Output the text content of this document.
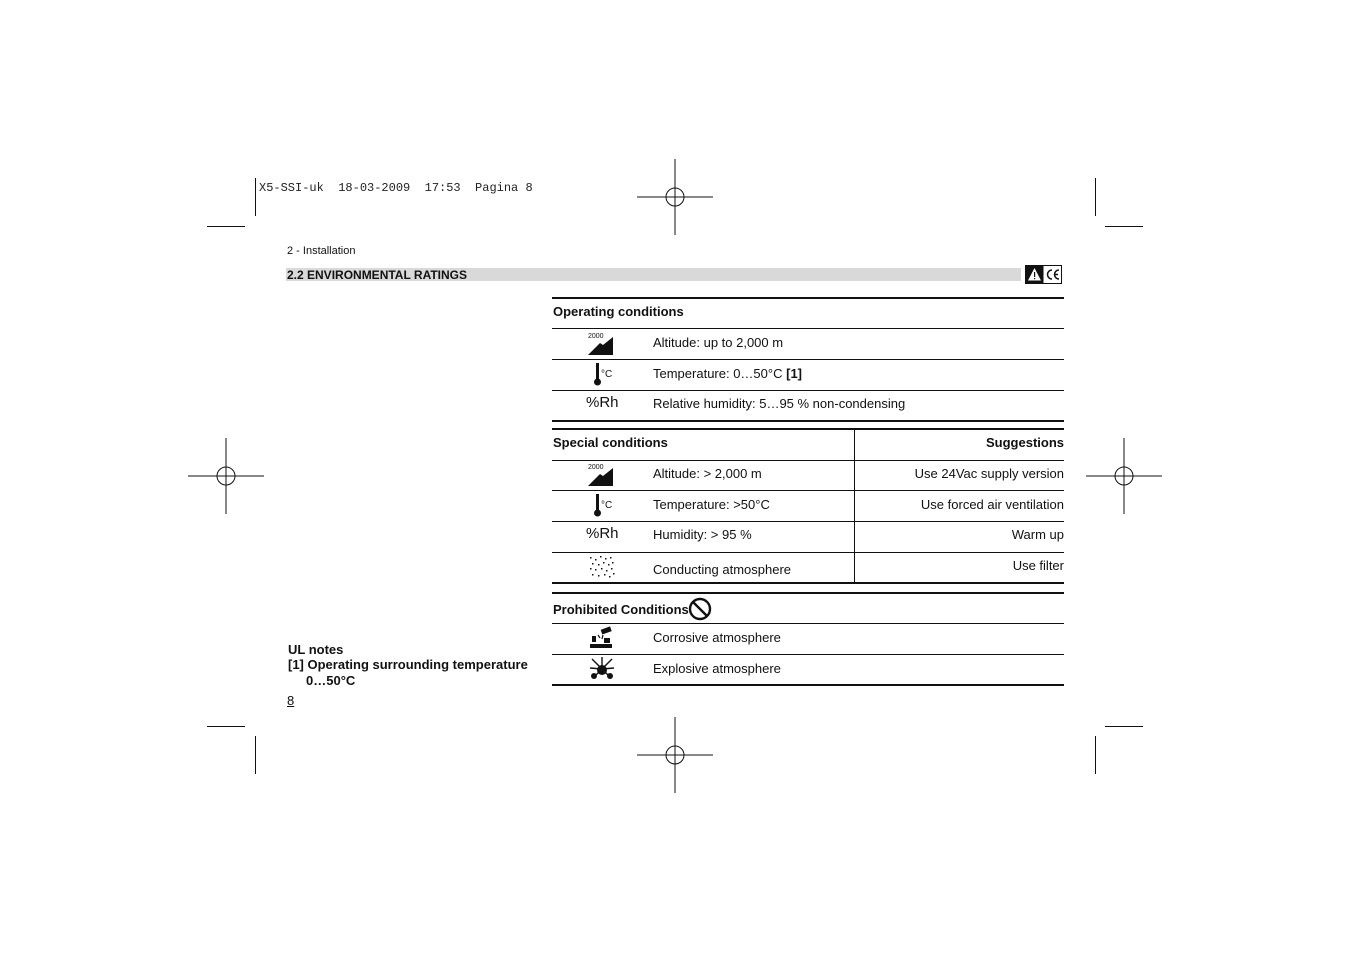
X5-SSI-uk  18-03-2009  17:53  Pagina 8
2 - Installation
2.2 ENVIRONMENTAL RATINGS
Operating conditions
2000	Altitude: up to 2,000 m
°C	Temperature: 0…50°C [1]
%Rh	Relative humidity: 5…95 % non-condensing
Special conditions	Suggestions
2000	Altitude: > 2,000 m	Use 24Vac supply version
°C	Temperature: >50°C	Use forced air ventilation
%Rh	Humidity: > 95 %	Warm up
Conducting atmosphere	Use filter
Prohibited Conditions
Corrosive atmosphere
Explosive atmosphere
UL notes
[1] Operating surrounding temperature
0…50°C
8
